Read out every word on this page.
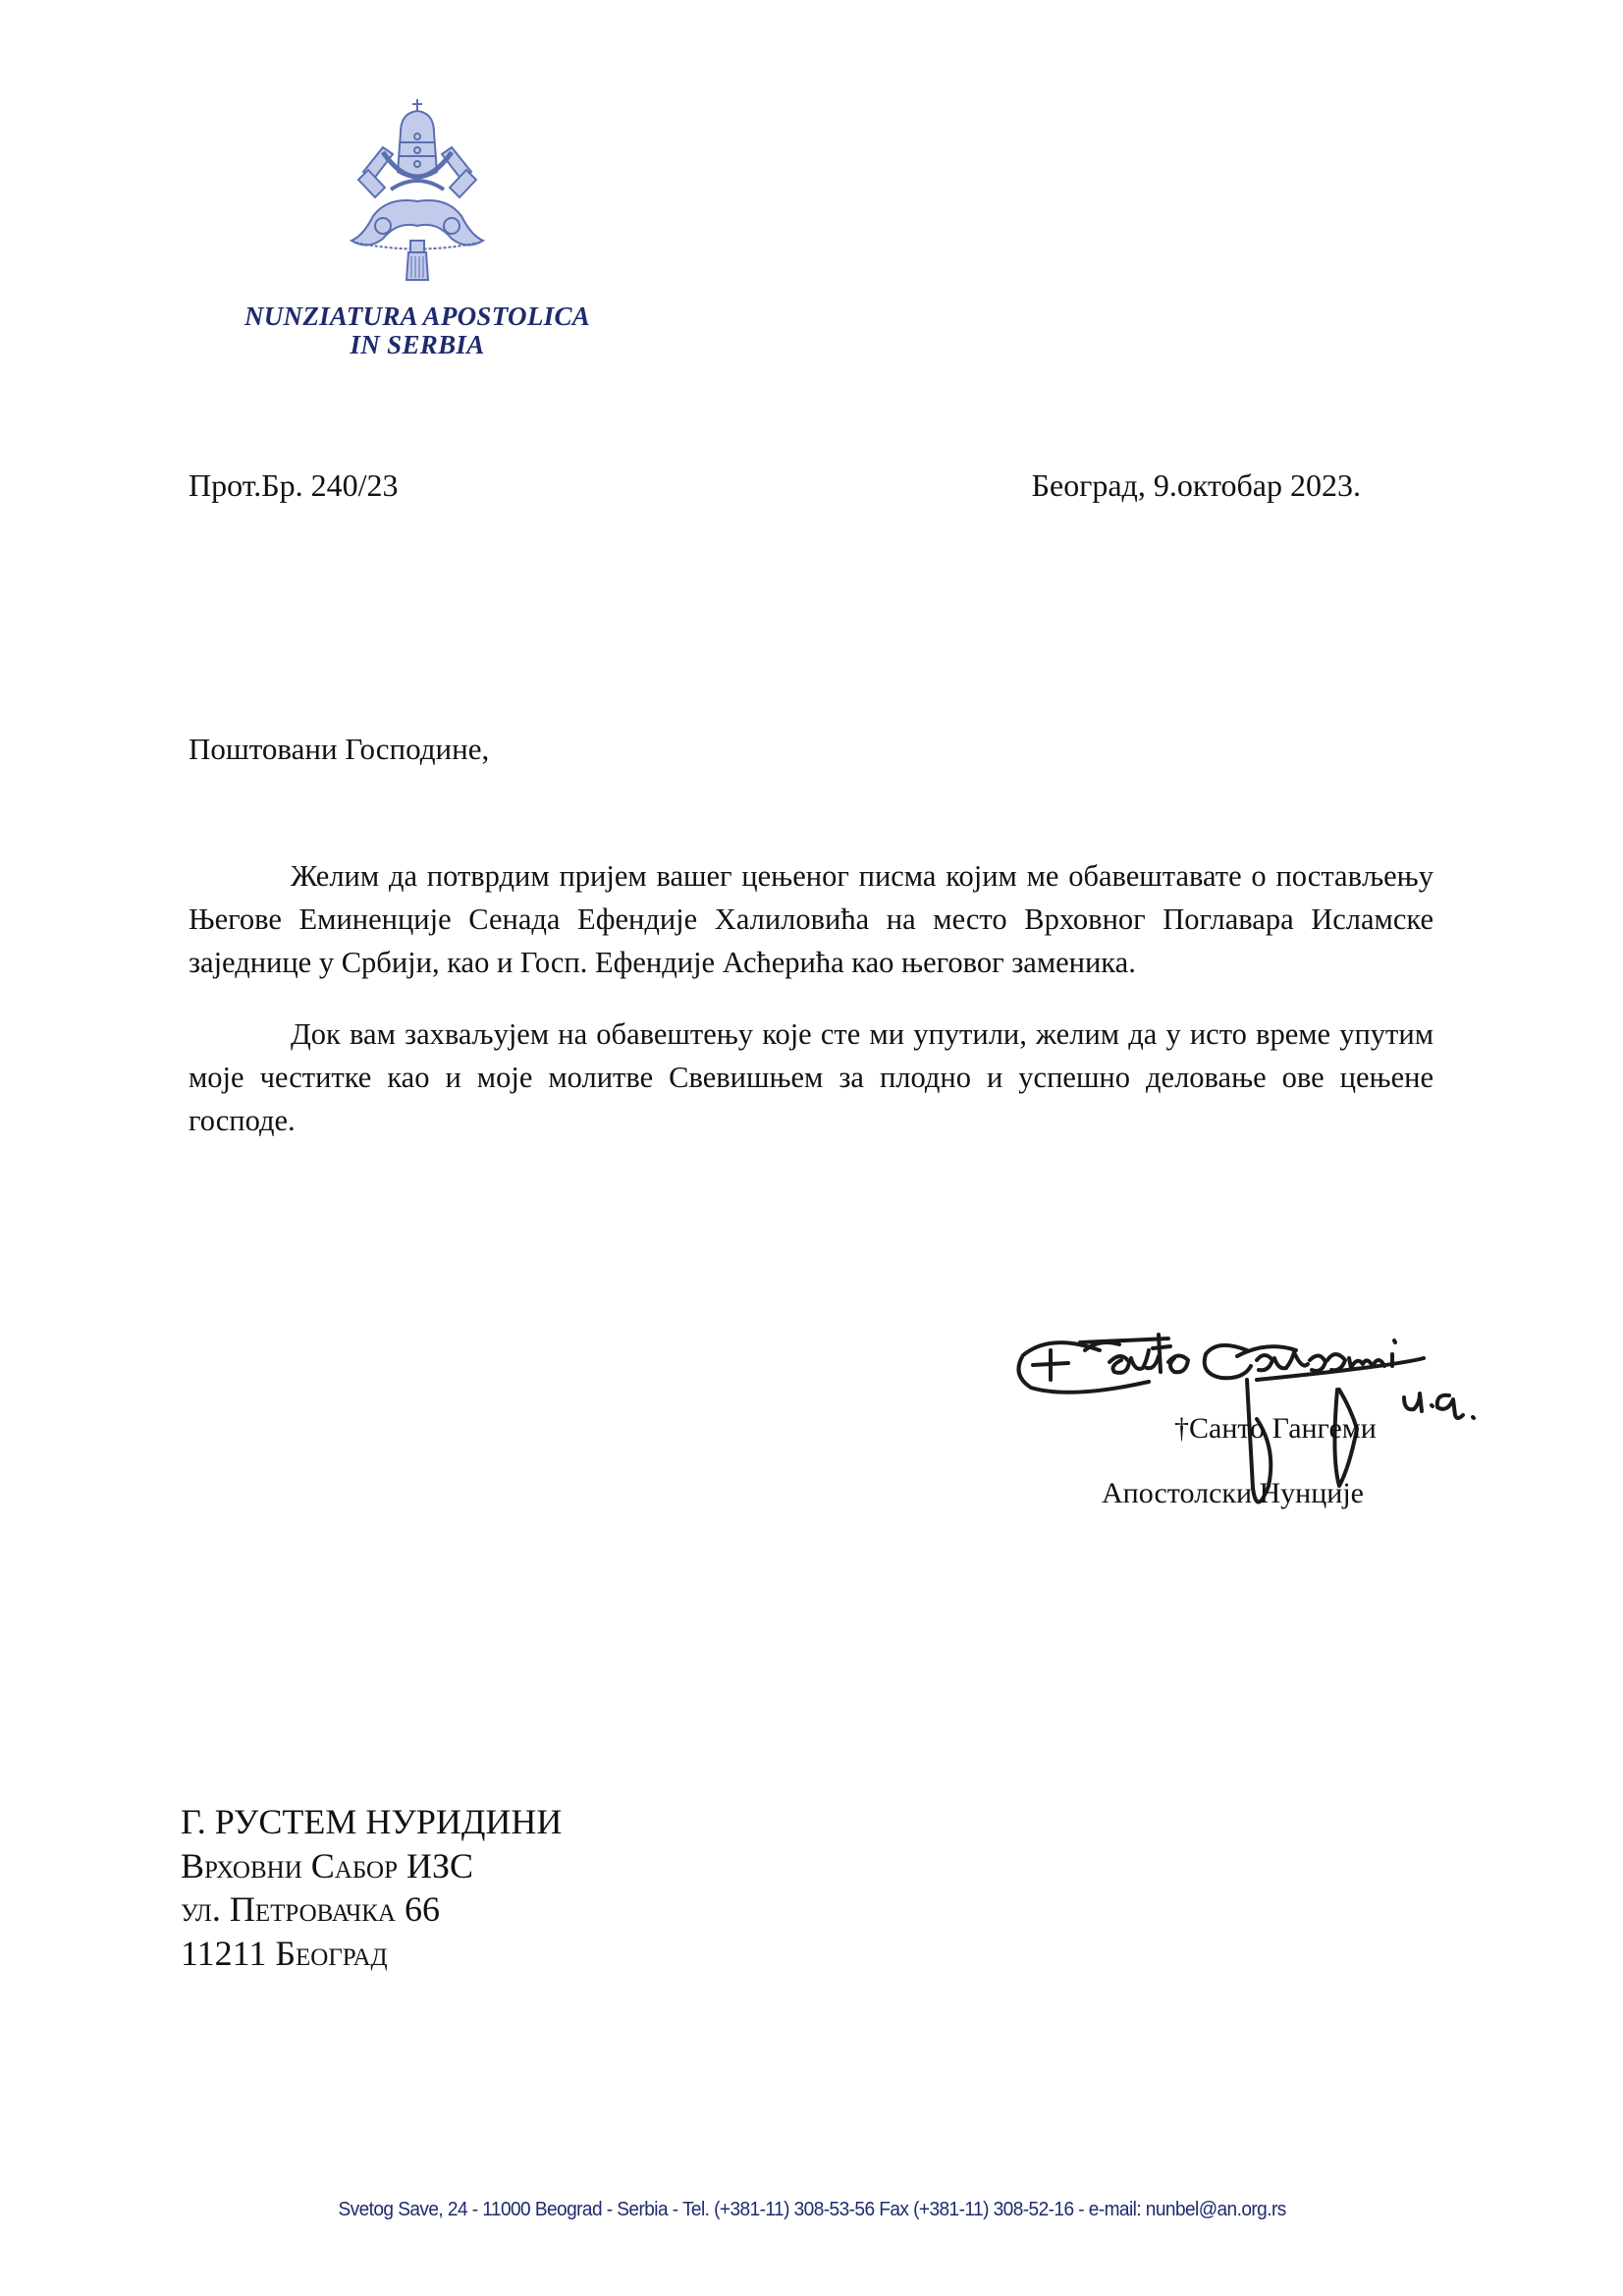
NUNZIATURA APOSTOLICA
IN SERBIA
Прот.Бр. 240/23	Београд, 9.октобар 2023.
Поштовани Господине,

Желим да потврдим пријем вашег цењеног писма којим ме обавештавате о постављењу Његове Еминенције Сенада Ефендије Халиловића на место Врховног Поглавара Исламске заједнице у Србији, као и Госп. Ефендије Асћерића као његовог заменика.

Док вам захваљујем на обавештењу које сте ми упутили, желим да у исто време упутим моје честитке као и моје молитве Свевишњем за плодно и успешно деловање ове цењене господе.

†Санто Гангеми
Апостолски Нунције
Г. РУСТЕМ НУРИДИНИ
Врховни Сабор ИЗС
ул. Петровачка 66
11211 Београд
Svetog Save, 24 - 11000 Beograd - Serbia - Tel. (+381-11) 308-53-56 Fax (+381-11) 308-52-16 - e-mail: nunbel@an.org.rs
